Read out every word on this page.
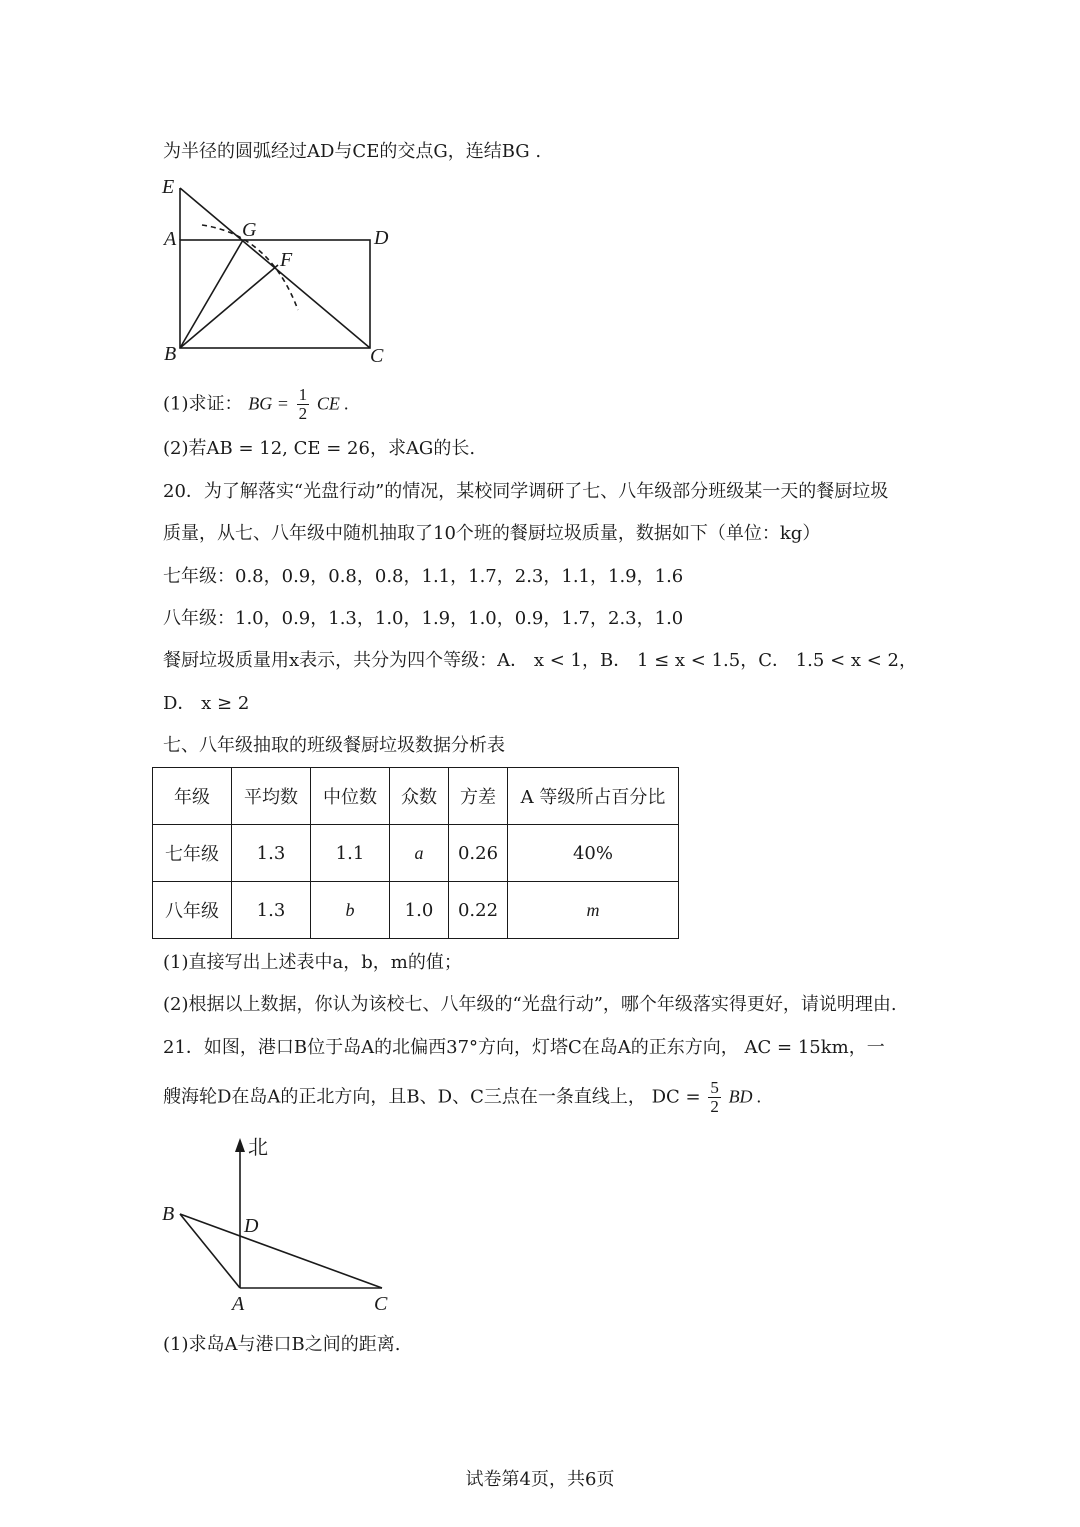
为半径的圆弧经过AD与CE的交点G，连结BG .
E
A	G	D
F
B	C
(1)求证： BG = $\frac{1}{2}$ CE .
(2)若AB = 12, CE = 26，求AG的长.
20．为了解落实“光盘行动”的情况，某校同学调研了七、八年级部分班级某一天的餐厨垃圾
质量，从七、八年级中随机抽取了10个班的餐厨垃圾质量，数据如下（单位：kg）
七年级：0.8，0.9，0.8，0.8，1.1，1.7，2.3，1.1，1.9，1.6
八年级：1.0，0.9，1.3，1.0，1.9，1.0，0.9，1.7，2.3，1.0
餐厨垃圾质量用x表示，共分为四个等级：A． x < 1，B． 1 ≤ x < 1.5，C． 1.5 < x < 2，
D． x ≥ 2
七、八年级抽取的班级餐厨垃圾数据分析表
年级	平均数	中位数	众数	方差	A 等级所占百分比
七年级	1.3	1.1	a	0.26	40%
八年级	1.3	b	1.0	0.22	m
(1)直接写出上述表中a，b，m的值；
(2)根据以上数据，你认为该校七、八年级的“光盘行动”，哪个年级落实得更好，请说明理由.
21．如图，港口B位于岛A的北偏西37°方向，灯塔C在岛A的正东方向， AC = 15km，一
艘海轮D在岛A的正北方向，且B、D、C三点在一条直线上， DC = $\frac{5}{2}$ BD .
北
B
D
A	C
(1)求岛A与港口B之间的距离.
试卷第4页，共6页
